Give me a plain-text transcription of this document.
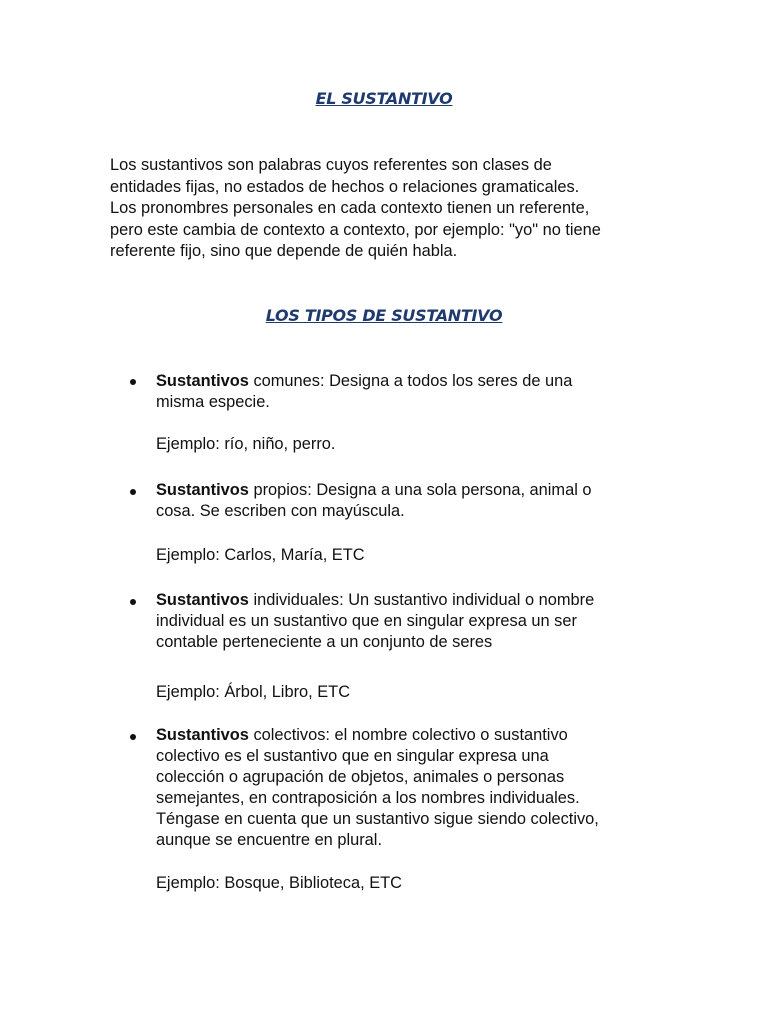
EL SUSTANTIVO
Los sustantivos son palabras cuyos referentes son clases de
entidades fijas, no estados de hechos o relaciones gramaticales.
Los pronombres personales en cada contexto tienen un referente,
pero este cambia de contexto a contexto, por ejemplo: "yo" no tiene
referente fijo, sino que depende de quién habla.
LOS TIPOS DE SUSTANTIVO
Sustantivos comunes: Designa a todos los seres de una
misma especie.
Ejemplo: río, niño, perro.
Sustantivos propios: Designa a una sola persona, animal o
cosa. Se escriben con mayúscula.
Ejemplo: Carlos, María, ETC
Sustantivos individuales: Un sustantivo individual o nombre
individual es un sustantivo que en singular expresa un ser
contable perteneciente a un conjunto de seres
Ejemplo: Árbol, Libro, ETC
Sustantivos colectivos: el nombre colectivo o sustantivo
colectivo es el sustantivo que en singular expresa una
colección o agrupación de objetos, animales o personas
semejantes, en contraposición a los nombres individuales.
Téngase en cuenta que un sustantivo sigue siendo colectivo,
aunque se encuentre en plural.
Ejemplo: Bosque, Biblioteca, ETC
